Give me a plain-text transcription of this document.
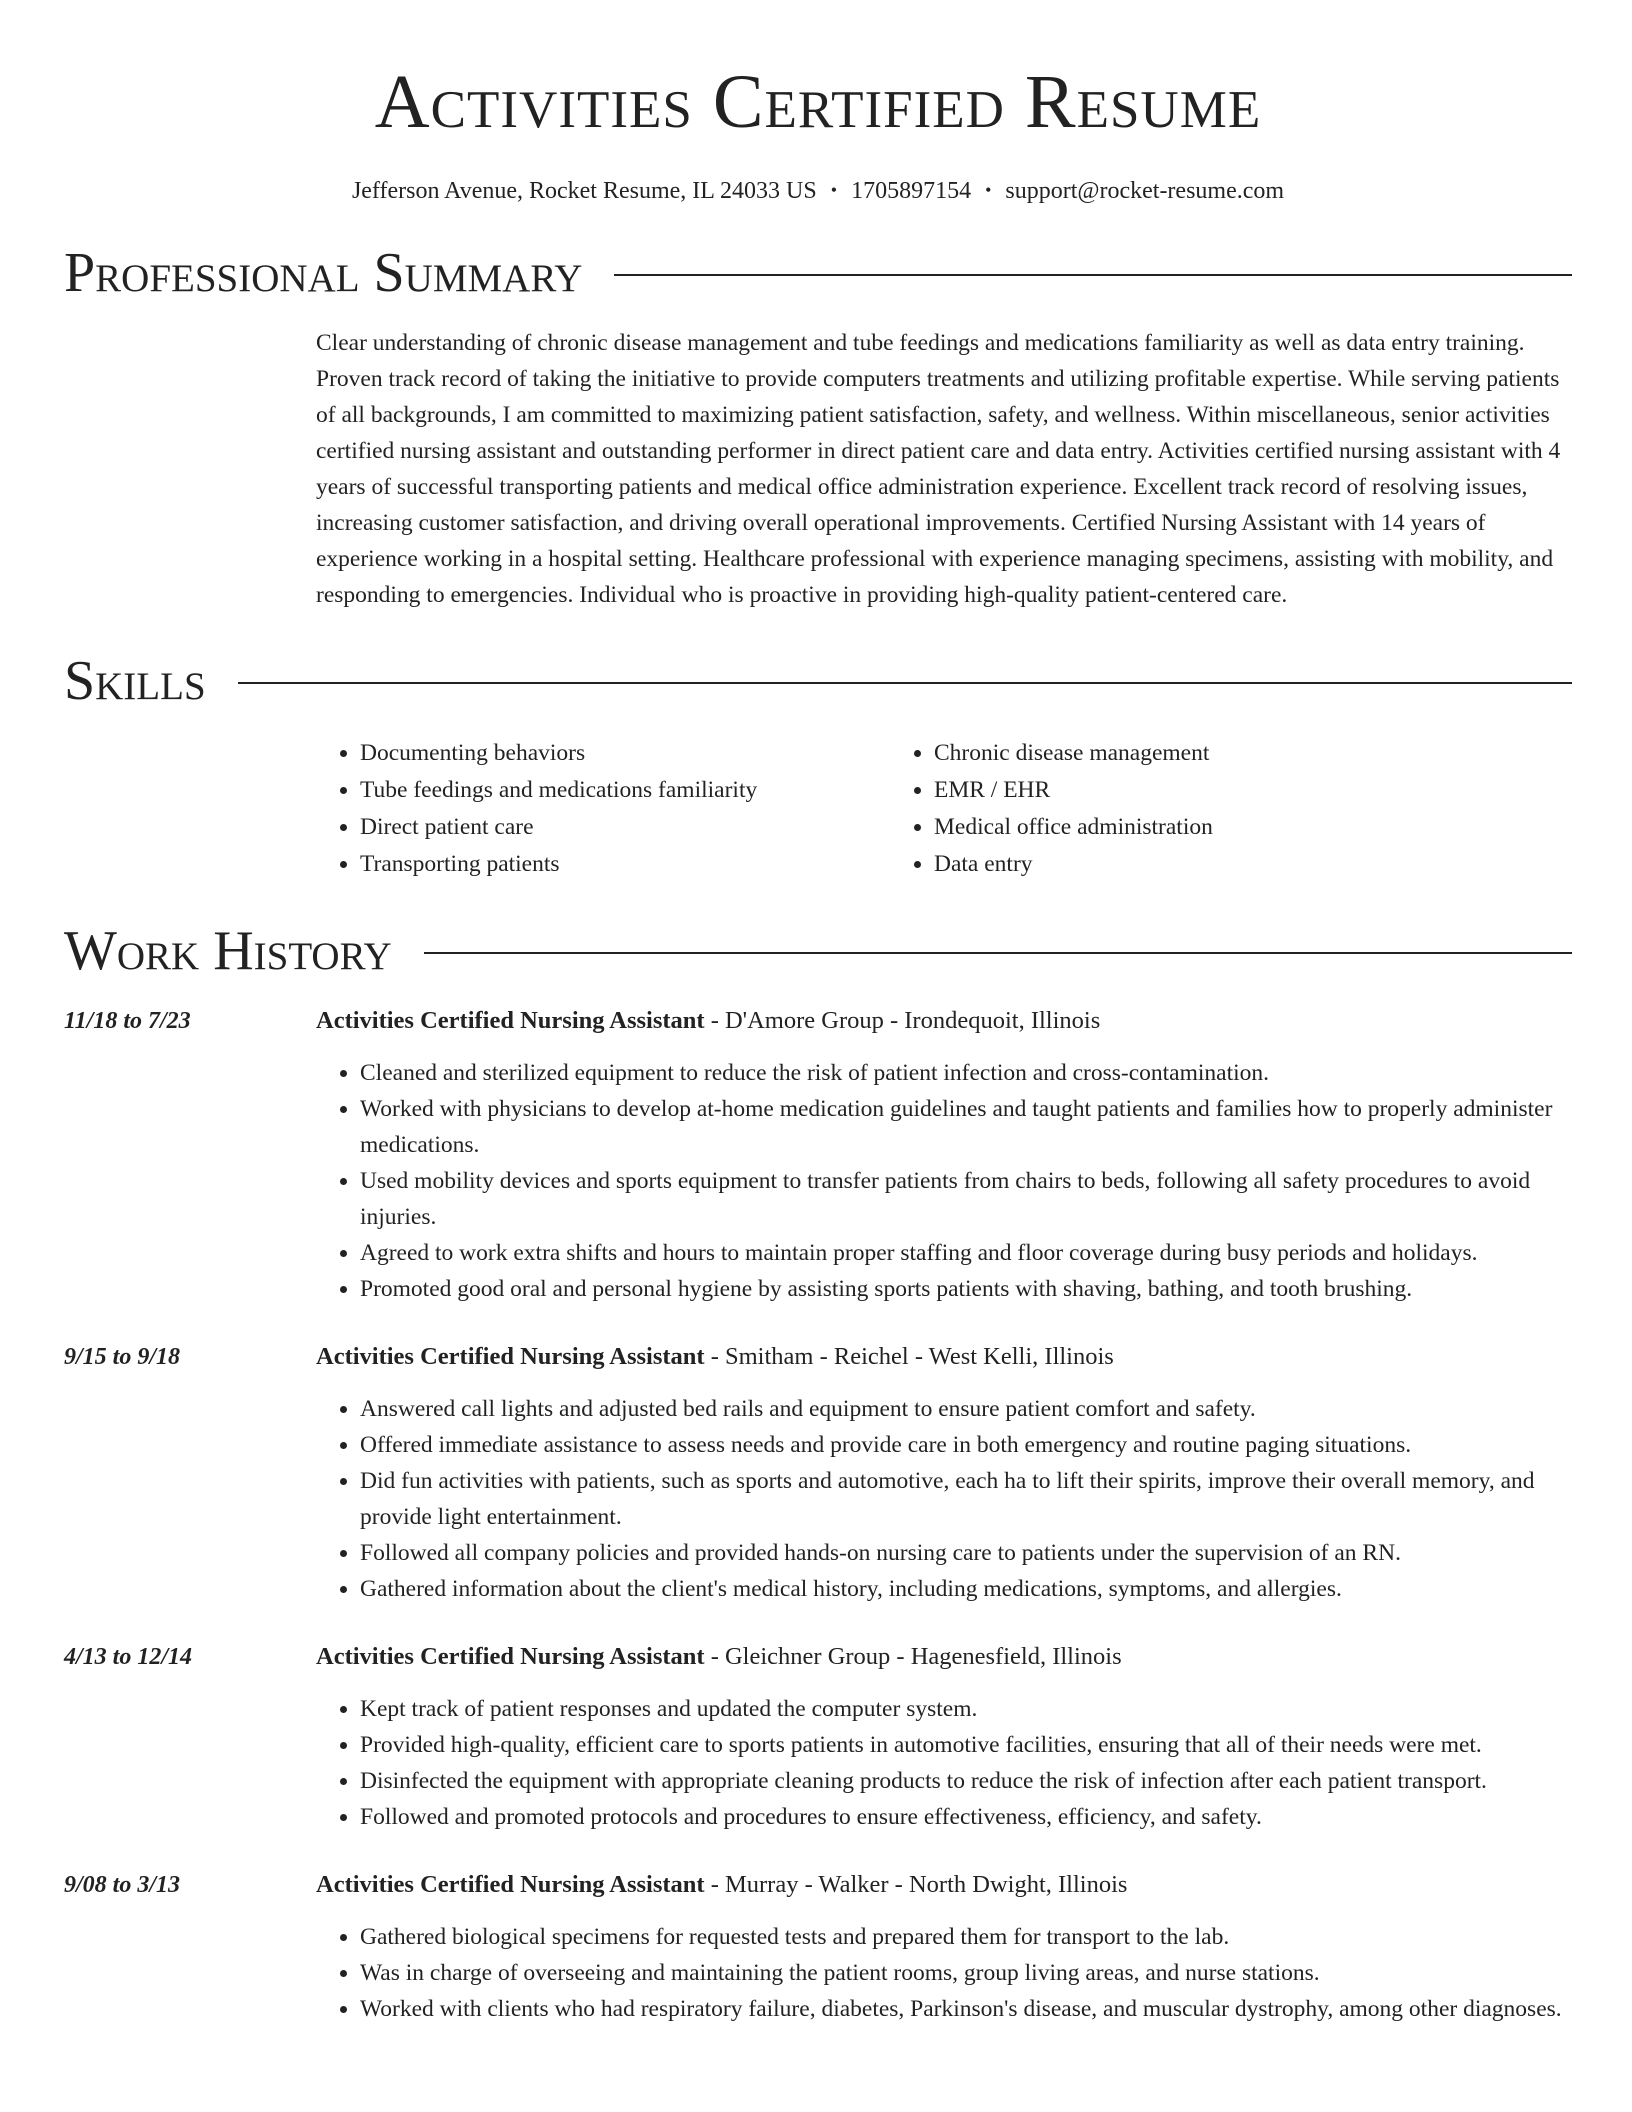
Activities Certified Resume
Jefferson Avenue, Rocket Resume, IL 24033 US • 1705897154 • support@rocket-resume.com
Professional Summary
Clear understanding of chronic disease management and tube feedings and medications familiarity as well as data entry training. Proven track record of taking the initiative to provide computers treatments and utilizing profitable expertise. While serving patients of all backgrounds, I am committed to maximizing patient satisfaction, safety, and wellness. Within miscellaneous, senior activities certified nursing assistant and outstanding performer in direct patient care and data entry. Activities certified nursing assistant with 4 years of successful transporting patients and medical office administration experience. Excellent track record of resolving issues, increasing customer satisfaction, and driving overall operational improvements. Certified Nursing Assistant with 14 years of experience working in a hospital setting. Healthcare professional with experience managing specimens, assisting with mobility, and responding to emergencies. Individual who is proactive in providing high-quality patient-centered care.
Skills
• Documenting behaviors
• Tube feedings and medications familiarity
• Direct patient care
• Transporting patients
• Chronic disease management
• EMR / EHR
• Medical office administration
• Data entry
Work History
11/18 to 7/23	Activities Certified Nursing Assistant - D'Amore Group - Irondequoit, Illinois
• Cleaned and sterilized equipment to reduce the risk of patient infection and cross-contamination.
• Worked with physicians to develop at-home medication guidelines and taught patients and families how to properly administer medications.
• Used mobility devices and sports equipment to transfer patients from chairs to beds, following all safety procedures to avoid injuries.
• Agreed to work extra shifts and hours to maintain proper staffing and floor coverage during busy periods and holidays.
• Promoted good oral and personal hygiene by assisting sports patients with shaving, bathing, and tooth brushing.
9/15 to 9/18	Activities Certified Nursing Assistant - Smitham - Reichel - West Kelli, Illinois
• Answered call lights and adjusted bed rails and equipment to ensure patient comfort and safety.
• Offered immediate assistance to assess needs and provide care in both emergency and routine paging situations.
• Did fun activities with patients, such as sports and automotive, each ha to lift their spirits, improve their overall memory, and provide light entertainment.
• Followed all company policies and provided hands-on nursing care to patients under the supervision of an RN.
• Gathered information about the client's medical history, including medications, symptoms, and allergies.
4/13 to 12/14	Activities Certified Nursing Assistant - Gleichner Group - Hagenesfield, Illinois
• Kept track of patient responses and updated the computer system.
• Provided high-quality, efficient care to sports patients in automotive facilities, ensuring that all of their needs were met.
• Disinfected the equipment with appropriate cleaning products to reduce the risk of infection after each patient transport.
• Followed and promoted protocols and procedures to ensure effectiveness, efficiency, and safety.
9/08 to 3/13	Activities Certified Nursing Assistant - Murray - Walker - North Dwight, Illinois
• Gathered biological specimens for requested tests and prepared them for transport to the lab.
• Was in charge of overseeing and maintaining the patient rooms, group living areas, and nurse stations.
• Worked with clients who had respiratory failure, diabetes, Parkinson's disease, and muscular dystrophy, among other diagnoses.
